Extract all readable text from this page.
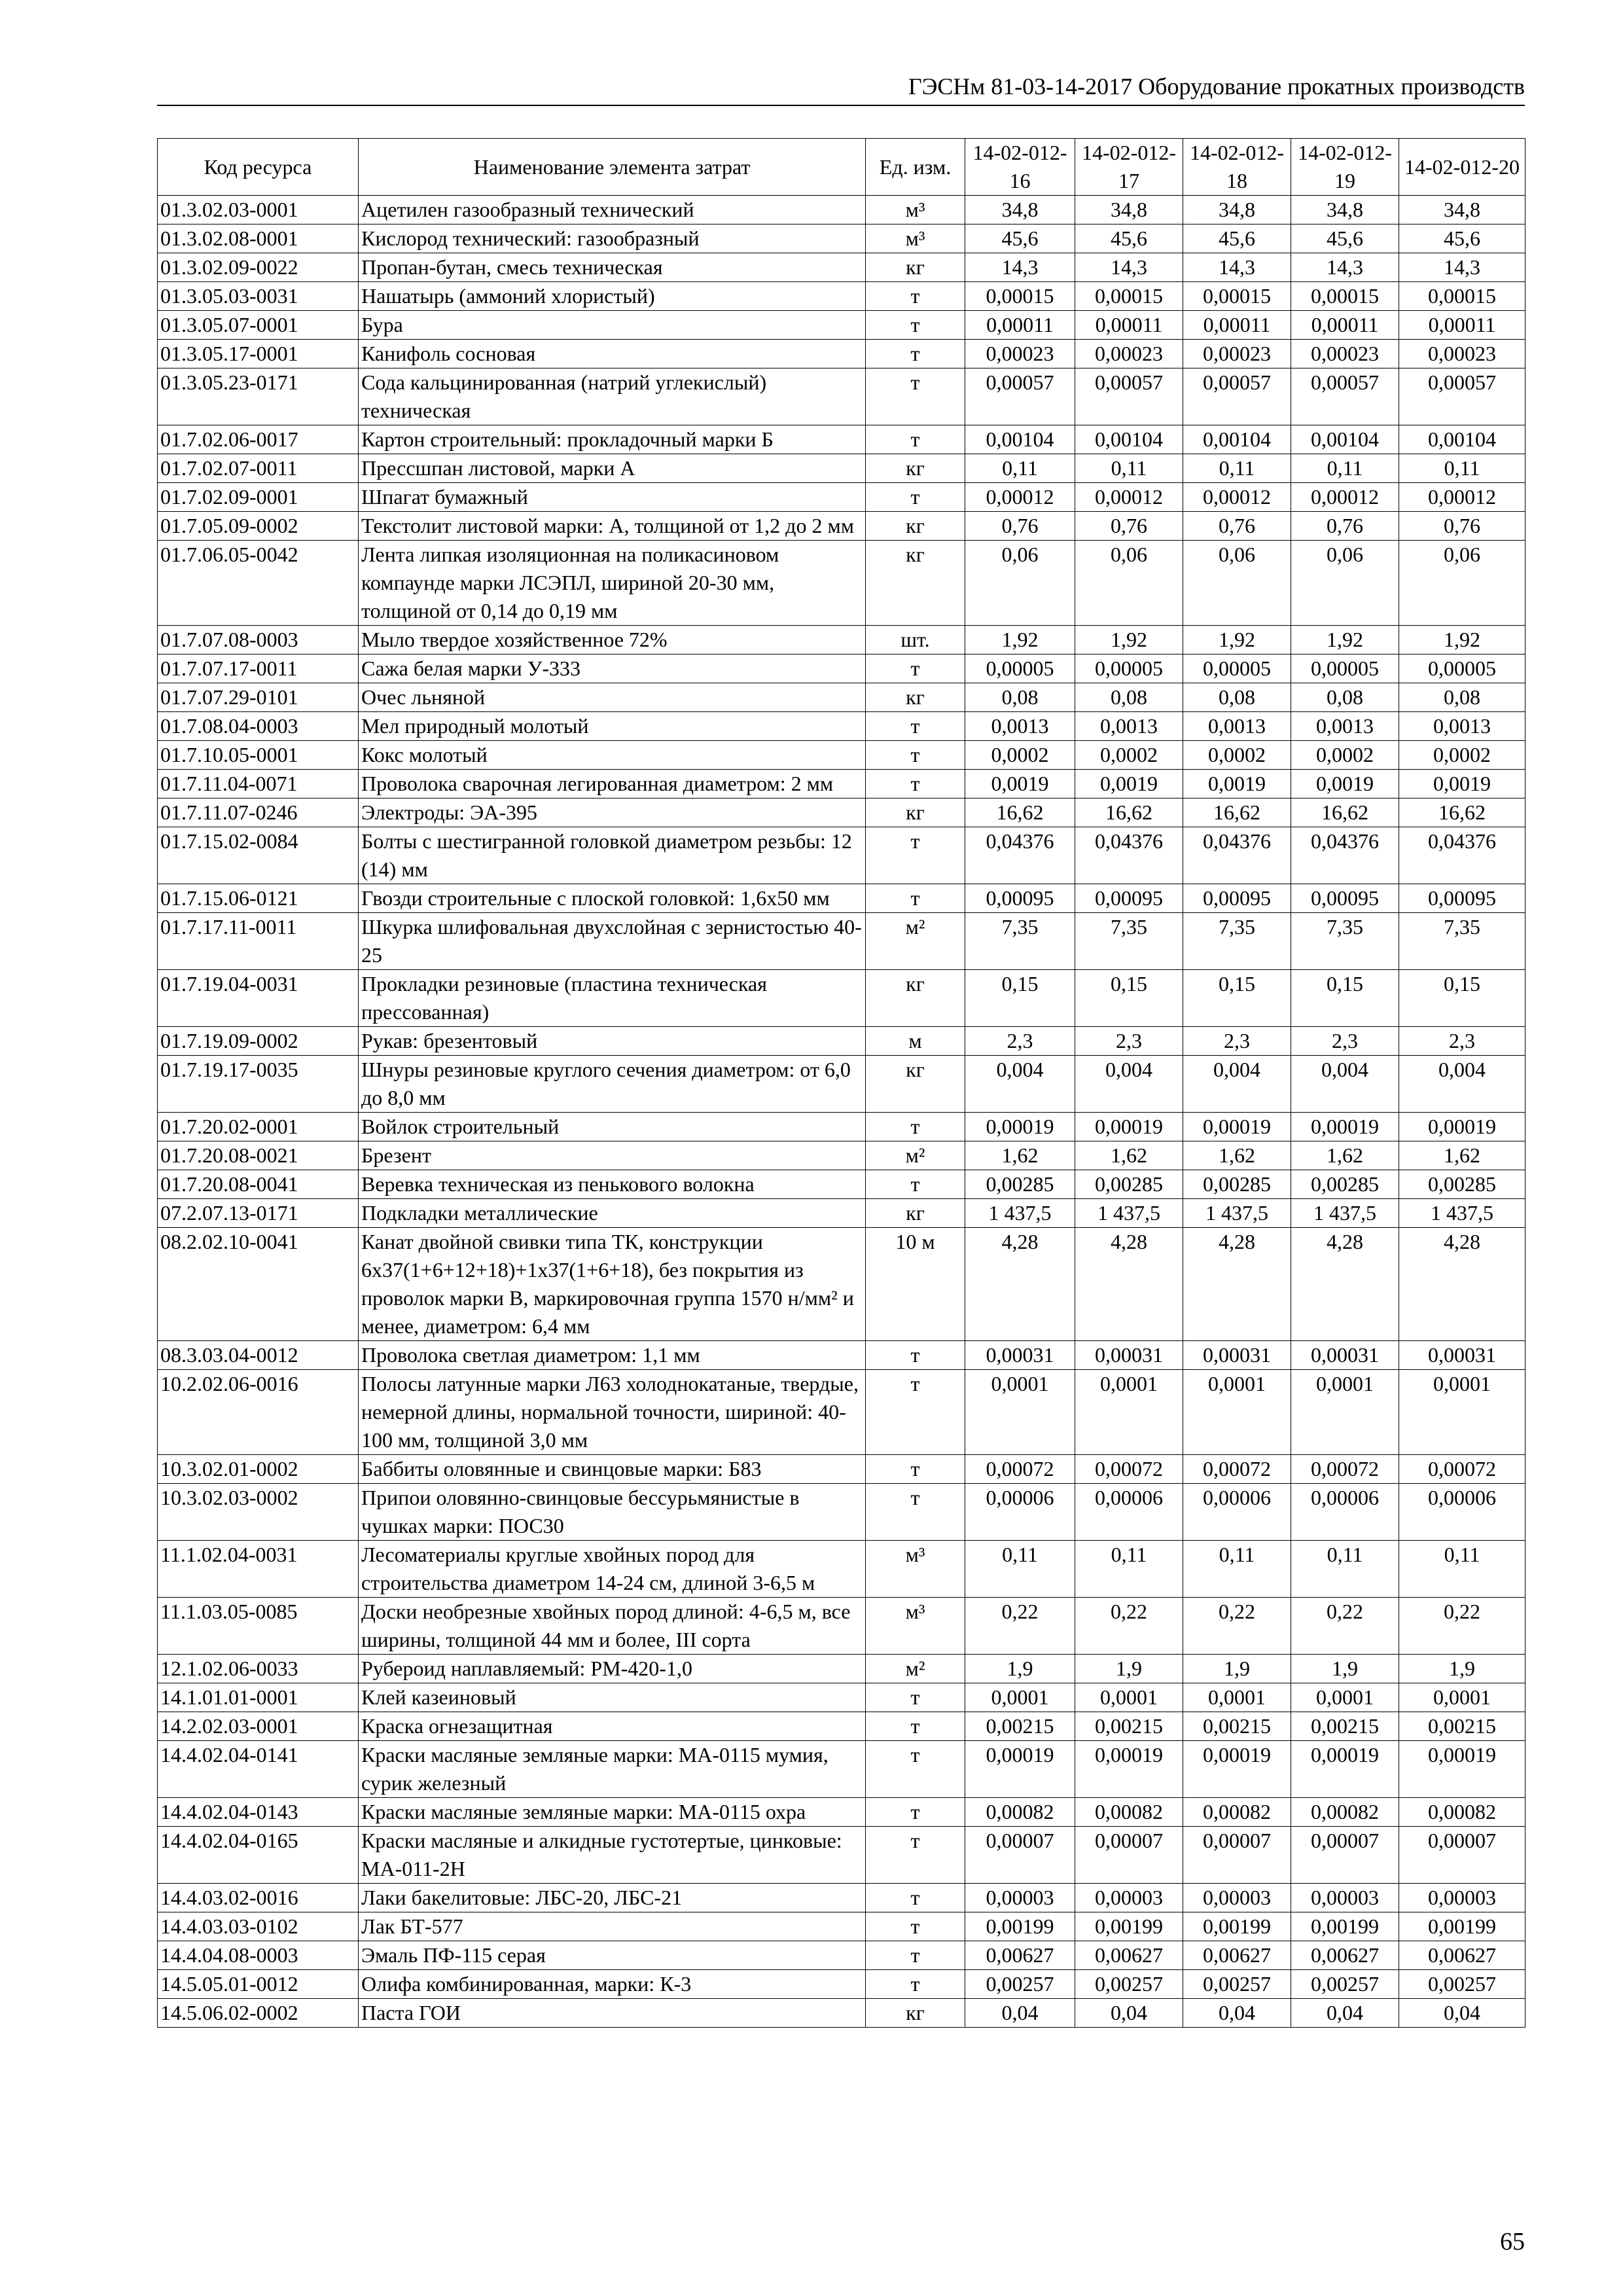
ГЭСНм 81-03-14-2017 Оборудование прокатных производств
Код ресурса	Наименование элемента затрат	Ед. изм.	14-02-012-16	14-02-012-17	14-02-012-18	14-02-012-19	14-02-012-20
01.3.02.03-0001	Ацетилен газообразный технический	м³	34,8	34,8	34,8	34,8	34,8
01.3.02.08-0001	Кислород технический: газообразный	м³	45,6	45,6	45,6	45,6	45,6
01.3.02.09-0022	Пропан-бутан, смесь техническая	кг	14,3	14,3	14,3	14,3	14,3
01.3.05.03-0031	Нашатырь (аммоний хлористый)	т	0,00015	0,00015	0,00015	0,00015	0,00015
01.3.05.07-0001	Бура	т	0,00011	0,00011	0,00011	0,00011	0,00011
01.3.05.17-0001	Канифоль сосновая	т	0,00023	0,00023	0,00023	0,00023	0,00023
01.3.05.23-0171	Сода кальцинированная (натрий углекислый) техническая	т	0,00057	0,00057	0,00057	0,00057	0,00057
01.7.02.06-0017	Картон строительный: прокладочный марки Б	т	0,00104	0,00104	0,00104	0,00104	0,00104
01.7.02.07-0011	Прессшпан листовой, марки А	кг	0,11	0,11	0,11	0,11	0,11
01.7.02.09-0001	Шпагат бумажный	т	0,00012	0,00012	0,00012	0,00012	0,00012
01.7.05.09-0002	Текстолит листовой марки: А, толщиной от 1,2 до 2 мм	кг	0,76	0,76	0,76	0,76	0,76
01.7.06.05-0042	Лента липкая изоляционная на поликасиновом компаунде марки ЛСЭПЛ, шириной 20-30 мм, толщиной от 0,14 до 0,19 мм	кг	0,06	0,06	0,06	0,06	0,06
01.7.07.08-0003	Мыло твердое хозяйственное 72%	шт.	1,92	1,92	1,92	1,92	1,92
01.7.07.17-0011	Сажа белая марки У-333	т	0,00005	0,00005	0,00005	0,00005	0,00005
01.7.07.29-0101	Очес льняной	кг	0,08	0,08	0,08	0,08	0,08
01.7.08.04-0003	Мел природный молотый	т	0,0013	0,0013	0,0013	0,0013	0,0013
01.7.10.05-0001	Кокс молотый	т	0,0002	0,0002	0,0002	0,0002	0,0002
01.7.11.04-0071	Проволока сварочная легированная диаметром: 2 мм	т	0,0019	0,0019	0,0019	0,0019	0,0019
01.7.11.07-0246	Электроды: ЭА-395	кг	16,62	16,62	16,62	16,62	16,62
01.7.15.02-0084	Болты с шестигранной головкой диаметром резьбы: 12 (14) мм	т	0,04376	0,04376	0,04376	0,04376	0,04376
01.7.15.06-0121	Гвозди строительные с плоской головкой: 1,6x50 мм	т	0,00095	0,00095	0,00095	0,00095	0,00095
01.7.17.11-0011	Шкурка шлифовальная двухслойная с зернистостью 40-25	м²	7,35	7,35	7,35	7,35	7,35
01.7.19.04-0031	Прокладки резиновые (пластина техническая прессованная)	кг	0,15	0,15	0,15	0,15	0,15
01.7.19.09-0002	Рукав: брезентовый	м	2,3	2,3	2,3	2,3	2,3
01.7.19.17-0035	Шнуры резиновые круглого сечения диаметром: от 6,0 до 8,0 мм	кг	0,004	0,004	0,004	0,004	0,004
01.7.20.02-0001	Войлок строительный	т	0,00019	0,00019	0,00019	0,00019	0,00019
01.7.20.08-0021	Брезент	м²	1,62	1,62	1,62	1,62	1,62
01.7.20.08-0041	Веревка техническая из пенькового волокна	т	0,00285	0,00285	0,00285	0,00285	0,00285
07.2.07.13-0171	Подкладки металлические	кг	1 437,5	1 437,5	1 437,5	1 437,5	1 437,5
08.2.02.10-0041	Канат двойной свивки типа ТК, конструкции 6x37(1+6+12+18)+1x37(1+6+18), без покрытия из проволок марки В, маркировочная группа 1570 н/мм² и менее, диаметром: 6,4 мм	10 м	4,28	4,28	4,28	4,28	4,28
08.3.03.04-0012	Проволока светлая диаметром: 1,1 мм	т	0,00031	0,00031	0,00031	0,00031	0,00031
10.2.02.06-0016	Полосы латунные марки Л63 холоднокатаные, твердые, немерной длины, нормальной точности, шириной: 40-100 мм, толщиной 3,0 мм	т	0,0001	0,0001	0,0001	0,0001	0,0001
10.3.02.01-0002	Баббиты оловянные и свинцовые марки: Б83	т	0,00072	0,00072	0,00072	0,00072	0,00072
10.3.02.03-0002	Припои оловянно-свинцовые бессурьмянистые в чушках марки: ПОС30	т	0,00006	0,00006	0,00006	0,00006	0,00006
11.1.02.04-0031	Лесоматериалы круглые хвойных пород для строительства диаметром 14-24 см, длиной 3-6,5 м	м³	0,11	0,11	0,11	0,11	0,11
11.1.03.05-0085	Доски необрезные хвойных пород длиной: 4-6,5 м, все ширины, толщиной 44 мм и более, III сорта	м³	0,22	0,22	0,22	0,22	0,22
12.1.02.06-0033	Рубероид наплавляемый: РМ-420-1,0	м²	1,9	1,9	1,9	1,9	1,9
14.1.01.01-0001	Клей казеиновый	т	0,0001	0,0001	0,0001	0,0001	0,0001
14.2.02.03-0001	Краска огнезащитная	т	0,00215	0,00215	0,00215	0,00215	0,00215
14.4.02.04-0141	Краски масляные земляные марки: МА-0115 мумия, сурик железный	т	0,00019	0,00019	0,00019	0,00019	0,00019
14.4.02.04-0143	Краски масляные земляные марки: МА-0115 охра	т	0,00082	0,00082	0,00082	0,00082	0,00082
14.4.02.04-0165	Краски масляные и алкидные густотертые, цинковые: МА-011-2Н	т	0,00007	0,00007	0,00007	0,00007	0,00007
14.4.03.02-0016	Лаки бакелитовые: ЛБС-20, ЛБС-21	т	0,00003	0,00003	0,00003	0,00003	0,00003
14.4.03.03-0102	Лак БТ-577	т	0,00199	0,00199	0,00199	0,00199	0,00199
14.4.04.08-0003	Эмаль ПФ-115 серая	т	0,00627	0,00627	0,00627	0,00627	0,00627
14.5.05.01-0012	Олифа комбинированная, марки: К-3	т	0,00257	0,00257	0,00257	0,00257	0,00257
14.5.06.02-0002	Паста ГОИ	кг	0,04	0,04	0,04	0,04	0,04
65
